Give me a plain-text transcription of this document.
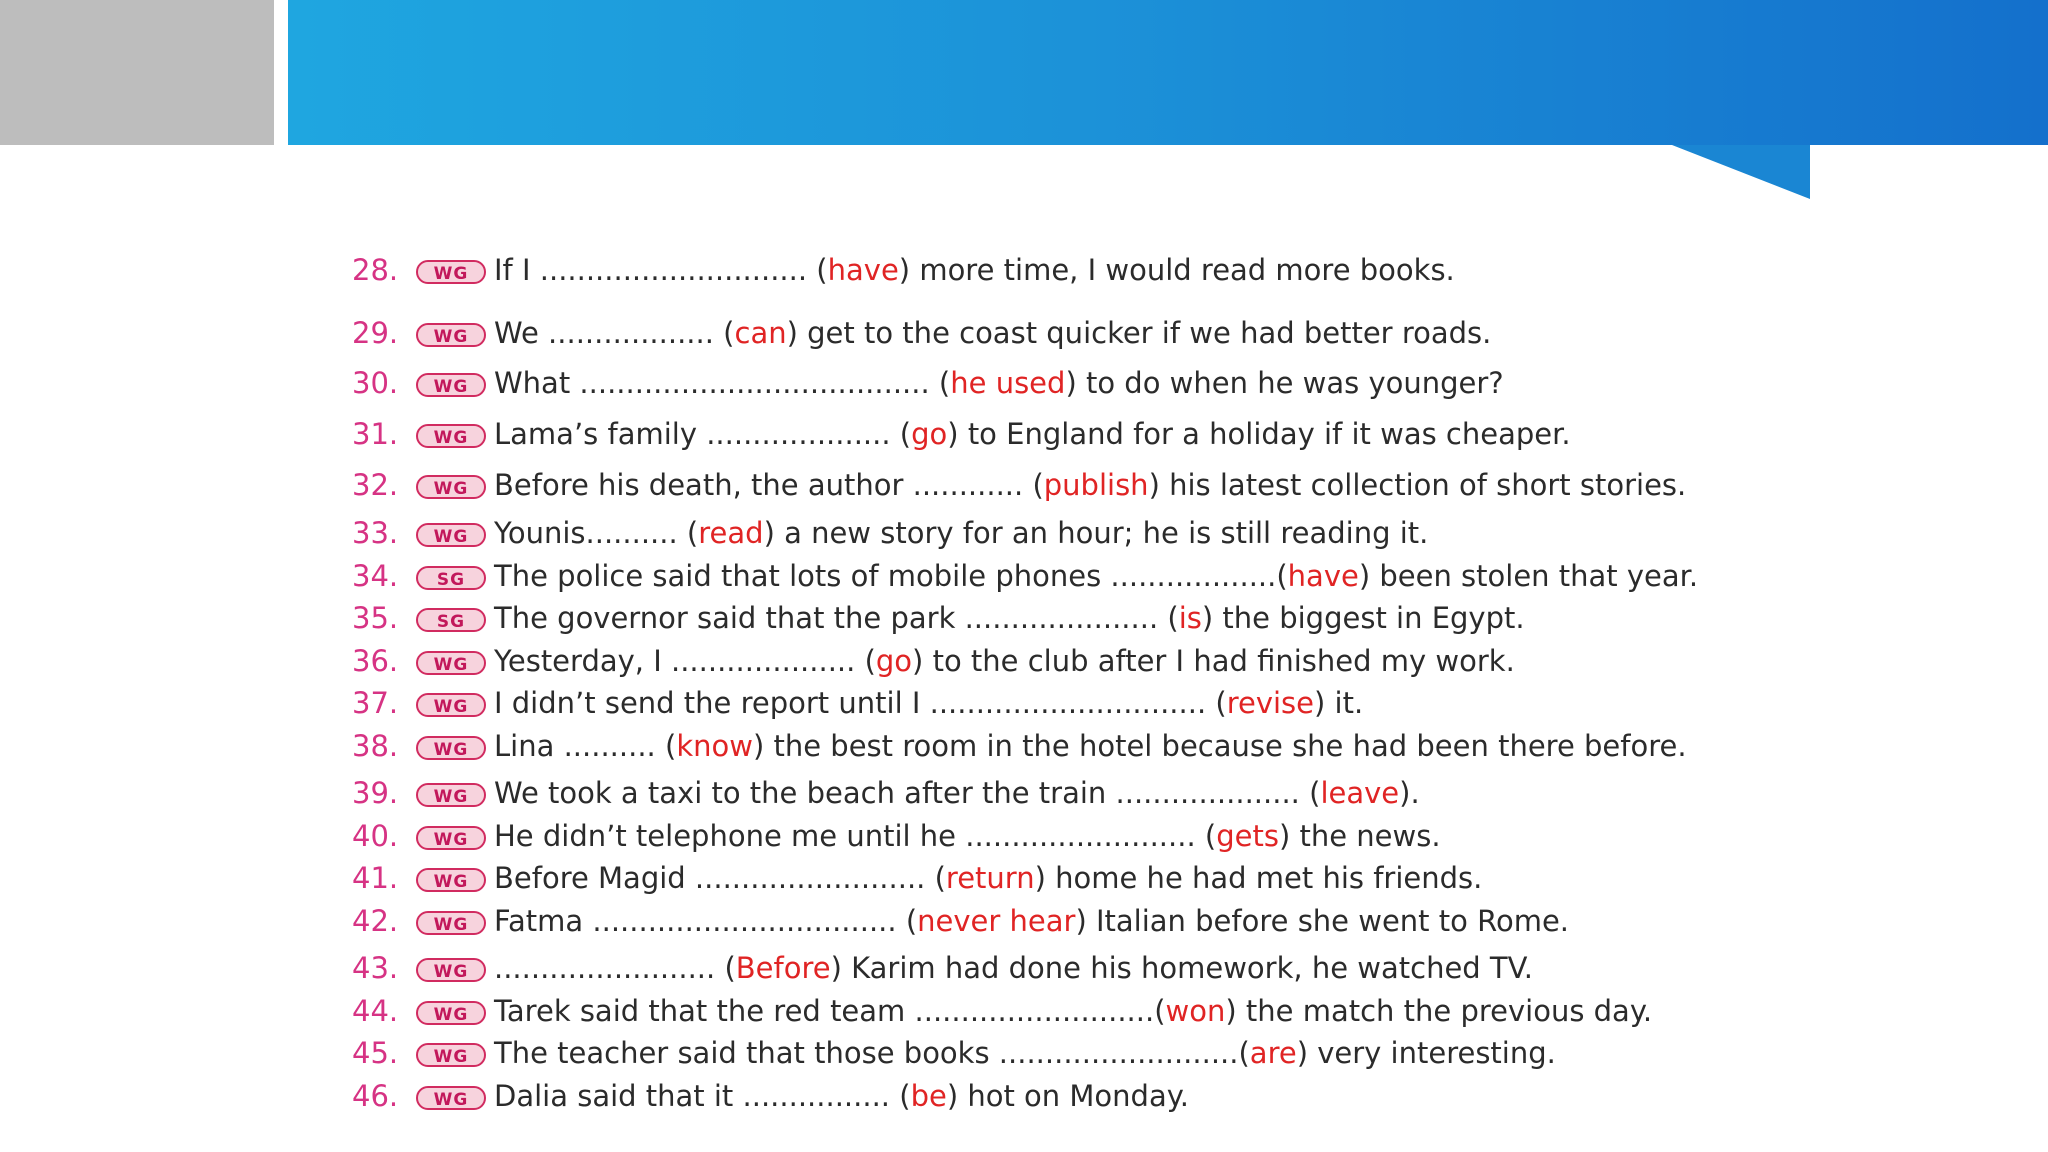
28. WG If I ............................. (have) more time, I would read more books.
29. WG We .................. (can) get to the coast quicker if we had better roads.
30. WG What ...................................... (he used) to do when he was younger?
31. WG Lama’s family .................... (go) to England for a holiday if it was cheaper.
32. WG Before his death, the author ............ (publish) his latest collection of short stories.
33. WG Younis.......... (read) a new story for an hour; he is still reading it.
34. SG The police said that lots of mobile phones ..................(have) been stolen that year.
35. SG The governor said that the park ..................... (is) the biggest in Egypt.
36. WG Yesterday, I .................... (go) to the club after I had finished my work.
37. WG I didn’t send the report until I .............................. (revise) it.
38. WG Lina .......... (know) the best room in the hotel because she had been there before.
39. WG We took a taxi to the beach after the train .................... (leave).
40. WG He didn’t telephone me until he ......................... (gets) the news.
41. WG Before Magid ......................... (return) home he had met his friends.
42. WG Fatma ................................. (never hear) Italian before she went to Rome.
43. WG ........................ (Before) Karim had done his homework, he watched TV.
44. WG Tarek said that the red team ..........................(won) the match the previous day.
45. WG The teacher said that those books ..........................(are) very interesting.
46. WG Dalia said that it ................ (be) hot on Monday.
